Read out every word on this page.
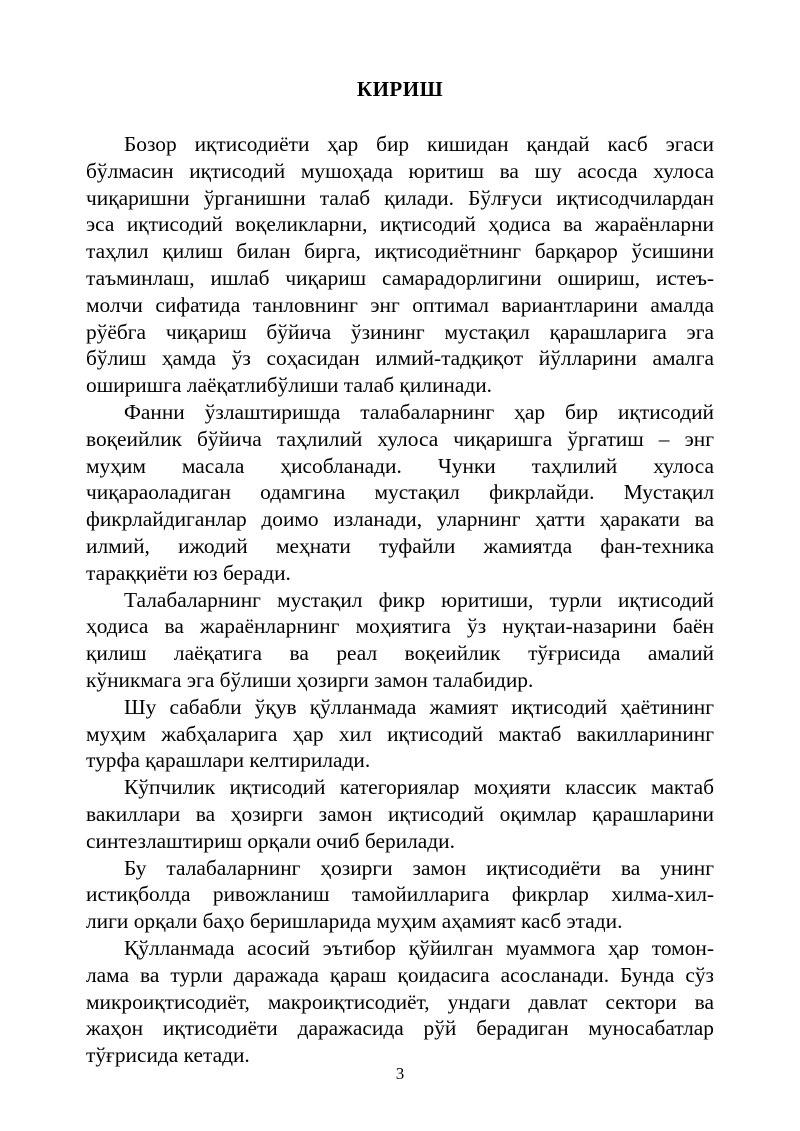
КИРИШ
Бозор иқтисодиёти ҳар бир кишидан қандай касб эгаси
бўлмасин иқтисодий мушоҳада юритиш ва шу асосда хулоса
чиқаришни ўрганишни талаб қилади. Бўлғуси иқтисодчилардан
эса иқтисодий воқеликларни, иқтисодий ҳодиса ва жараёнларни
таҳлил қилиш билан бирга, иқтисодиётнинг барқарор ўсишини
таъминлаш, ишлаб чиқариш самарадорлигини ошириш, истеъ-
молчи сифатида танловнинг энг оптимал вариантларини амалда
рўёбга чиқариш бўйича ўзининг мустақил қарашларига эга
бўлиш ҳамда ўз соҳасидан илмий-тадқиқот йўлларини амалга
оширишга лаёқатлибўлиши талаб қилинади.
Фанни ўзлаштиришда талабаларнинг ҳар бир иқтисодий
воқеийлик бўйича таҳлилий хулоса чиқаришга ўргатиш – энг
муҳим масала ҳисобланади. Чунки таҳлилий хулоса
чиқараоладиган одамгина мустақил фикрлайди. Мустақил
фикрлайдиганлар доимо изланади, уларнинг ҳатти ҳаракати ва
илмий, ижодий меҳнати туфайли жамиятда фан-техника
тараққиёти юз беради.
Талабаларнинг мустақил фикр юритиши, турли иқтисодий
ҳодиса ва жараёнларнинг моҳиятига ўз нуқтаи-назарини баён
қилиш лаёқатига ва реал воқеийлик тўғрисида амалий
кўникмага эга бўлиши ҳозирги замон талабидир.
Шу сабабли ўқув қўлланмада жамият иқтисодий ҳаётининг
муҳим жабҳаларига ҳар хил иқтисодий мактаб вакилларининг
турфа қарашлари келтирилади.
Кўпчилик иқтисодий категориялар моҳияти классик мактаб
вакиллари ва ҳозирги замон иқтисодий оқимлар қарашларини
синтезлаштириш орқали очиб берилади.
Бу талабаларнинг ҳозирги замон иқтисодиёти ва унинг
истиқболда ривожланиш тамойилларига фикрлар хилма-хил-
лиги орқали баҳо беришларида муҳим аҳамият касб этади.
Қўлланмада асосий эътибор қўйилган муаммога ҳар томон-
лама ва турли даражада қараш қоидасига асосланади. Бунда сўз
микроиқтисодиёт, макроиқтисодиёт, ундаги давлат сектори ва
жаҳон иқтисодиёти даражасида рўй берадиган муносабатлар
тўғрисида кетади.
3
